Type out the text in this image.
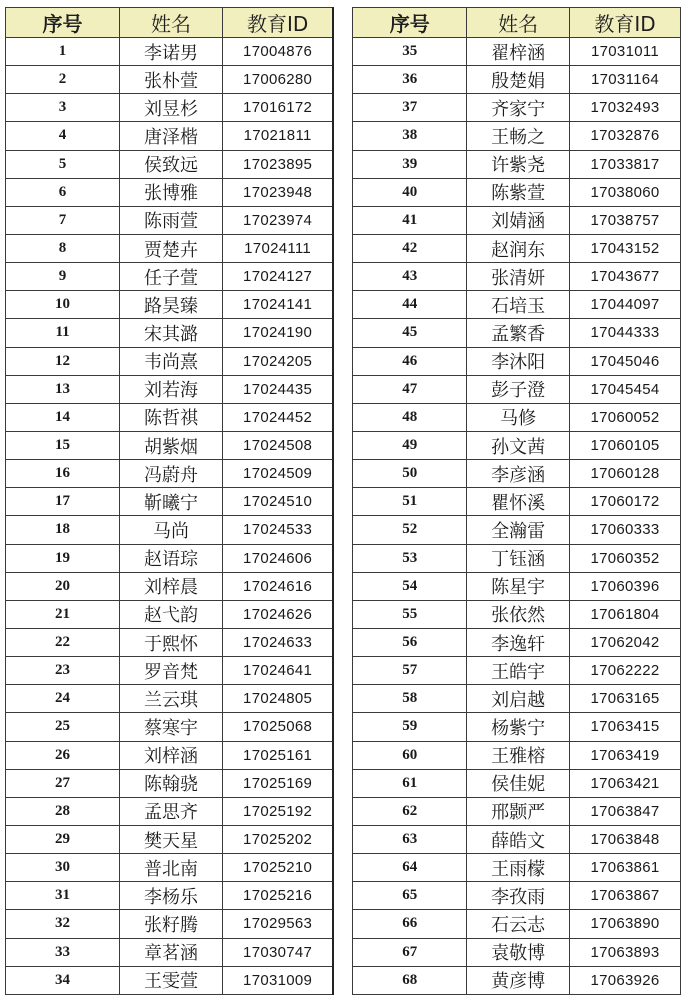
序号	姓名	教育ID
1	李诺男	17004876
2	张朴萱	17006280
3	刘昱杉	17016172
4	唐泽楷	17021811
5	侯致远	17023895
6	张博雅	17023948
7	陈雨萱	17023974
8	贾楚卉	17024111
9	任子萱	17024127
10	路昊臻	17024141
11	宋其潞	17024190
12	韦尚熹	17024205
13	刘若海	17024435
14	陈哲祺	17024452
15	胡紫烟	17024508
16	冯蔚舟	17024509
17	靳曦宁	17024510
18	马尚	17024533
19	赵语琮	17024606
20	刘梓晨	17024616
21	赵弋韵	17024626
22	于熙怀	17024633
23	罗音梵	17024641
24	兰云琪	17024805
25	蔡寒宇	17025068
26	刘梓涵	17025161
27	陈翰骁	17025169
28	孟思齐	17025192
29	樊天星	17025202
30	普北南	17025210
31	李杨乐	17025216
32	张籽腾	17029563
33	章茗涵	17030747
34	王雯萱	17031009
序号	姓名	教育ID
35	翟梓涵	17031011
36	殷楚娟	17031164
37	齐家宁	17032493
38	王畅之	17032876
39	许紫尧	17033817
40	陈紫萱	17038060
41	刘婧涵	17038757
42	赵润东	17043152
43	张清妍	17043677
44	石培玉	17044097
45	孟繁香	17044333
46	李沐阳	17045046
47	彭子澄	17045454
48	马修	17060052
49	孙文茜	17060105
50	李彦涵	17060128
51	瞿怀溪	17060172
52	全瀚雷	17060333
53	丁钰涵	17060352
54	陈星宇	17060396
55	张依然	17061804
56	李逸轩	17062042
57	王皓宇	17062222
58	刘启越	17063165
59	杨紫宁	17063415
60	王雅榕	17063419
61	侯佳妮	17063421
62	邢颢严	17063847
63	薛皓文	17063848
64	王雨檬	17063861
65	李孜雨	17063867
66	石云志	17063890
67	袁敬博	17063893
68	黄彦博	17063926
